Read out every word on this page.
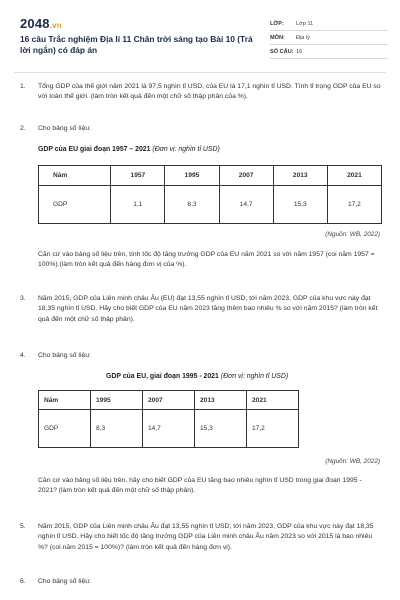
2048.vn
16 câu Trắc nghiệm Địa lí 11 Chân trời sáng tạo Bài 10 (Trả lời ngắn) có đáp án
LỚP:	Lớp 11
MÔN:	Địa lý
SỐ CÂU: 16
1. Tổng GDP của thế giới năm 2021 là 97,5 nghìn tỉ USD, của EU là 17,1 nghìn tỉ USD. Tính tỉ trọng GDP của EU so với toàn thế giới. (làm tròn kết quả đến một chữ số thập phân của %).
2. Cho bảng số liệu:
GDP của EU giai đoạn 1957 – 2021 (Đơn vị: nghìn tỉ USD)
Năm	1957	1995	2007	2013	2021
GDP	1,1	8,3	14,7	15,3	17,2
(Nguồn: WB, 2022)
Căn cứ vào bảng số liệu trên, tính tốc độ tăng trưởng GDP của EU năm 2021 so với năm 1957 (coi năm 1957 = 100%).(làm tròn kết quả đến hàng đơn vị của %).
3. Năm 2015, GDP của Liên minh châu Âu (EU) đạt 13,55 nghìn tỉ USD; tới năm 2023, GDP của khu vực này đạt 18,35 nghìn tỉ USD. Hãy cho biết GDP của EU năm 2023 tăng thêm bao nhiêu % so với năm 2015? (làm tròn kết quả đến một chữ số thập phân).
4. Cho bảng số liệu:
GDP của EU, giai đoạn 1995 - 2021 (Đơn vị: nghìn tỉ USD)
Năm	1995	2007	2013	2021	
GDP	8,3	14,7	15,3	17,2	
(Nguồn: WB, 2022)
Căn cứ vào bảng số liệu trên, hãy cho biết GDP của EU tăng bao nhiêu nghìn tỉ USD trong giai đoạn 1995 - 2021? (làm tròn kết quả đến một chữ số thập phân).
5. Năm 2015, GDP của Liên minh châu Âu đạt 13,55 nghìn tỉ USD; tới năm 2023, GDP của khu vực này đạt 18,35 nghìn tỉ USD. Hãy cho biết tốc độ tăng trưởng GDP của Liên minh châu Âu năm 2023 so với 2015 là bao nhiêu %? (coi năm 2015 = 100%)? (làm tròn kết quả đến hàng đơn vị).
6. Cho bảng số liệu:
